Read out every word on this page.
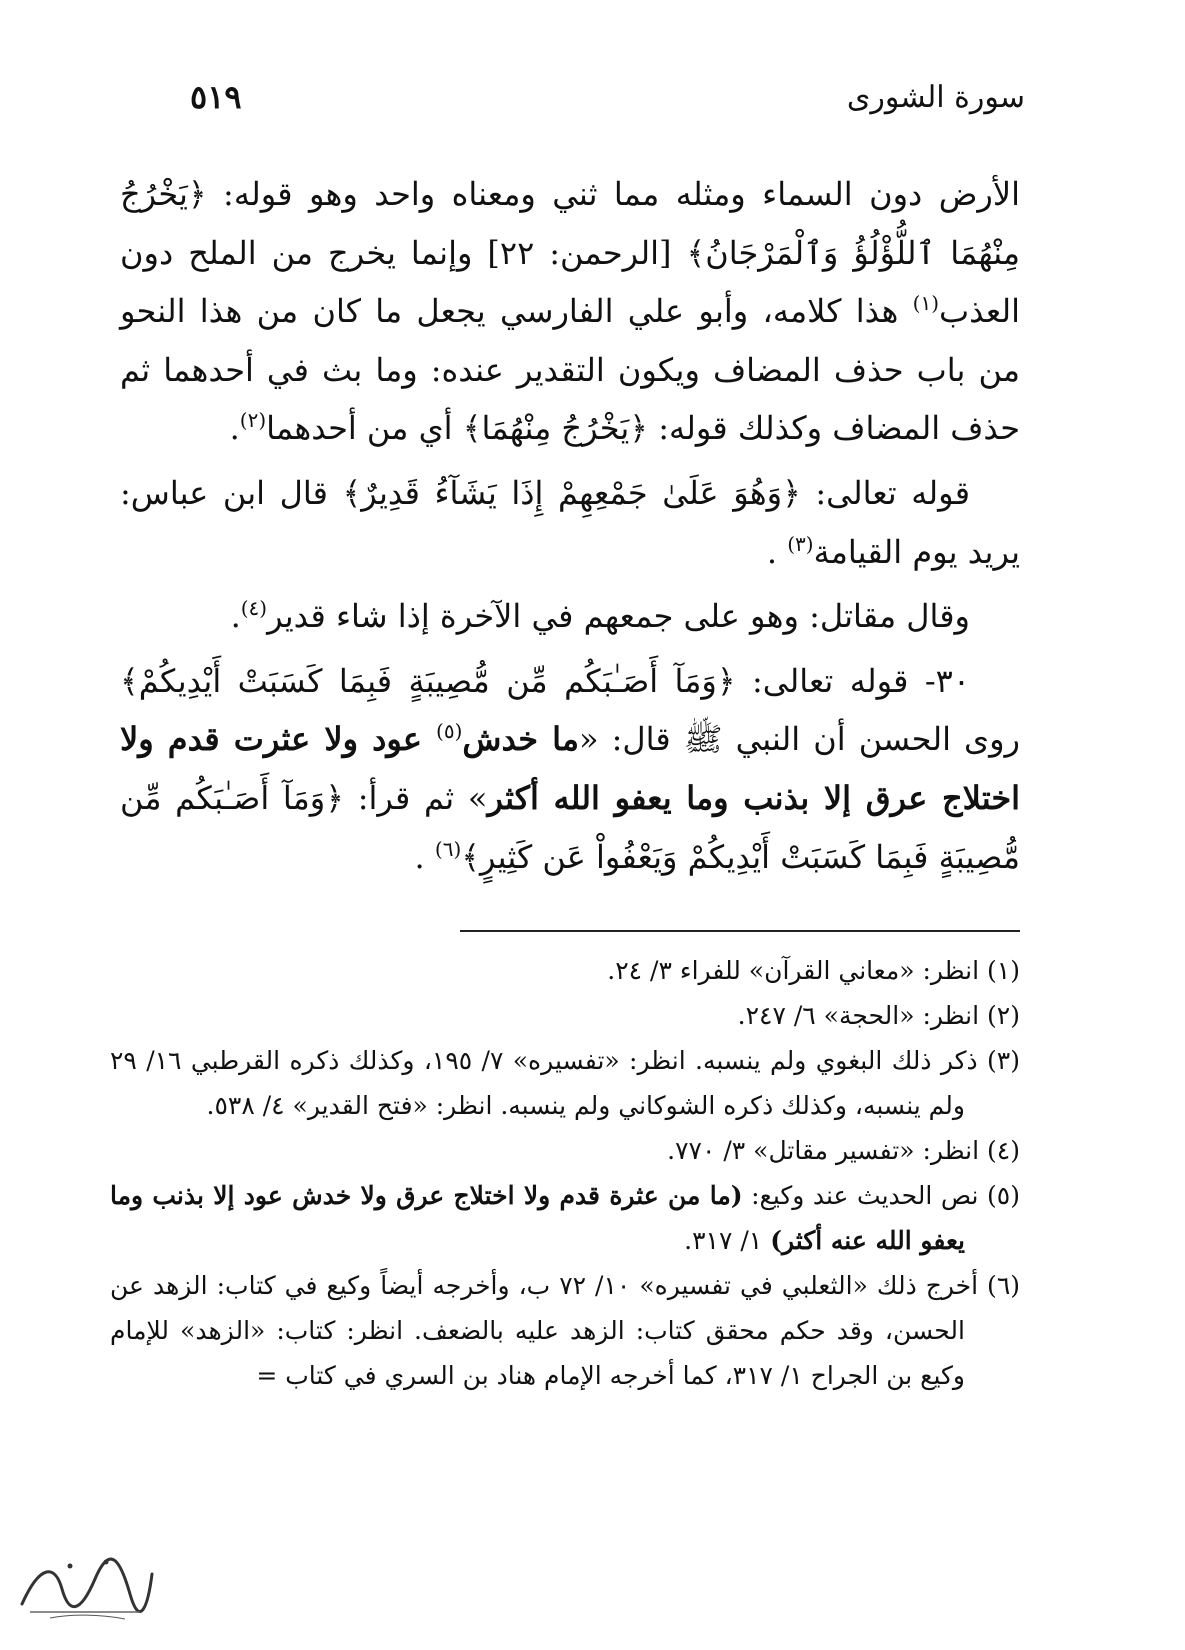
سورة الشورى
٥١٩

الأرض دون السماء ومثله مما ثني ومعناه واحد وهو قوله: ﴿يَخْرُجُ مِنْهُمَا ٱللُّؤْلُؤُ وَٱلْمَرْجَانُ﴾ [الرحمن: ٢٢] وإنما يخرج من الملح دون العذب$^{(١)}$ هذا كلامه، وأبو علي الفارسي يجعل ما كان من هذا النحو من باب حذف المضاف ويكون التقدير عنده: وما بث في أحدهما ثم حذف المضاف وكذلك قوله: ﴿يَخْرُجُ مِنْهُمَا﴾ أي من أحدهما$^{(٢)}$.

قوله تعالى: ﴿وَهُوَ عَلَىٰ جَمْعِهِمْ إِذَا يَشَآءُ قَدِيرٌ﴾ قال ابن عباس: يريد يوم القيامة$^{(٣)}$ .

وقال مقاتل: وهو على جمعهم في الآخرة إذا شاء قدير$^{(٤)}$.

٣٠- قوله تعالى: ﴿وَمَآ أَصَـٰبَكُم مِّن مُّصِيبَةٍ فَبِمَا كَسَبَتْ أَيْدِيكُمْ﴾ روى الحسن أن النبي ﷺ قال: «ما خدش$^{(٥)}$ عود ولا عثرت قدم ولا اختلاج عرق إلا بذنب وما يعفو الله أكثر» ثم قرأ: ﴿وَمَآ أَصَـٰبَكُم مِّن مُّصِيبَةٍ فَبِمَا كَسَبَتْ أَيْدِيكُمْ وَيَعْفُواْ عَن كَثِيرٍ﴾$^{(٦)}$ .

(١) انظر: «معاني القرآن» للفراء ٣/ ٢٤.

(٢) انظر: «الحجة» ٦/ ٢٤٧.

(٣) ذكر ذلك البغوي ولم ينسبه. انظر: «تفسيره» ٧/ ١٩٥، وكذلك ذكره القرطبي ١٦/ ٢٩ ولم ينسبه، وكذلك ذكره الشوكاني ولم ينسبه. انظر: «فتح القدير» ٤/ ٥٣٨.

(٤) انظر: «تفسير مقاتل» ٣/ ٧٧٠.

(٥) نص الحديث عند وكيع: (ما من عثرة قدم ولا اختلاج عرق ولا خدش عود إلا بذنب وما يعفو الله عنه أكثر) ١/ ٣١٧.

(٦) أخرج ذلك «الثعلبي في تفسيره» ١٠/ ٧٢ ب، وأخرجه أيضاً وكيع في كتاب: الزهد عن الحسن، وقد حكم محقق كتاب: الزهد عليه بالضعف. انظر: كتاب: «الزهد» للإمام وكيع بن الجراح ١/ ٣١٧، كما أخرجه الإمام هناد بن السري في كتاب =
